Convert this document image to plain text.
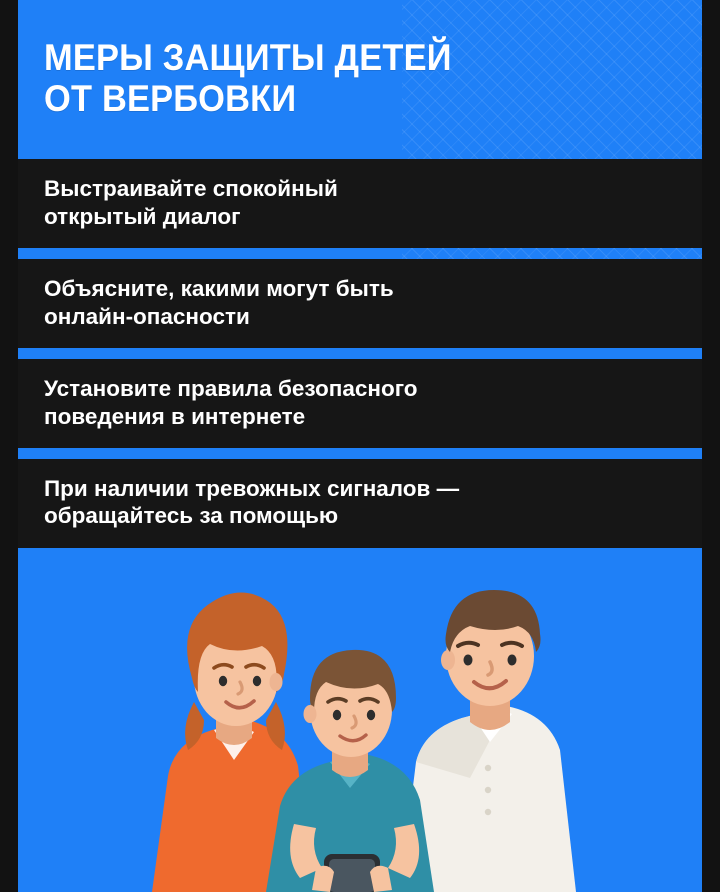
МЕРЫ ЗАЩИТЫ ДЕТЕЙ
ОТ ВЕРБОВКИ
Выстраивайте спокойный
открытый диалог
Объясните, какими могут быть
онлайн-опасности
Установите правила безопасного
поведения в интернете
При наличии тревожных сигналов —
обращайтесь за помощью
